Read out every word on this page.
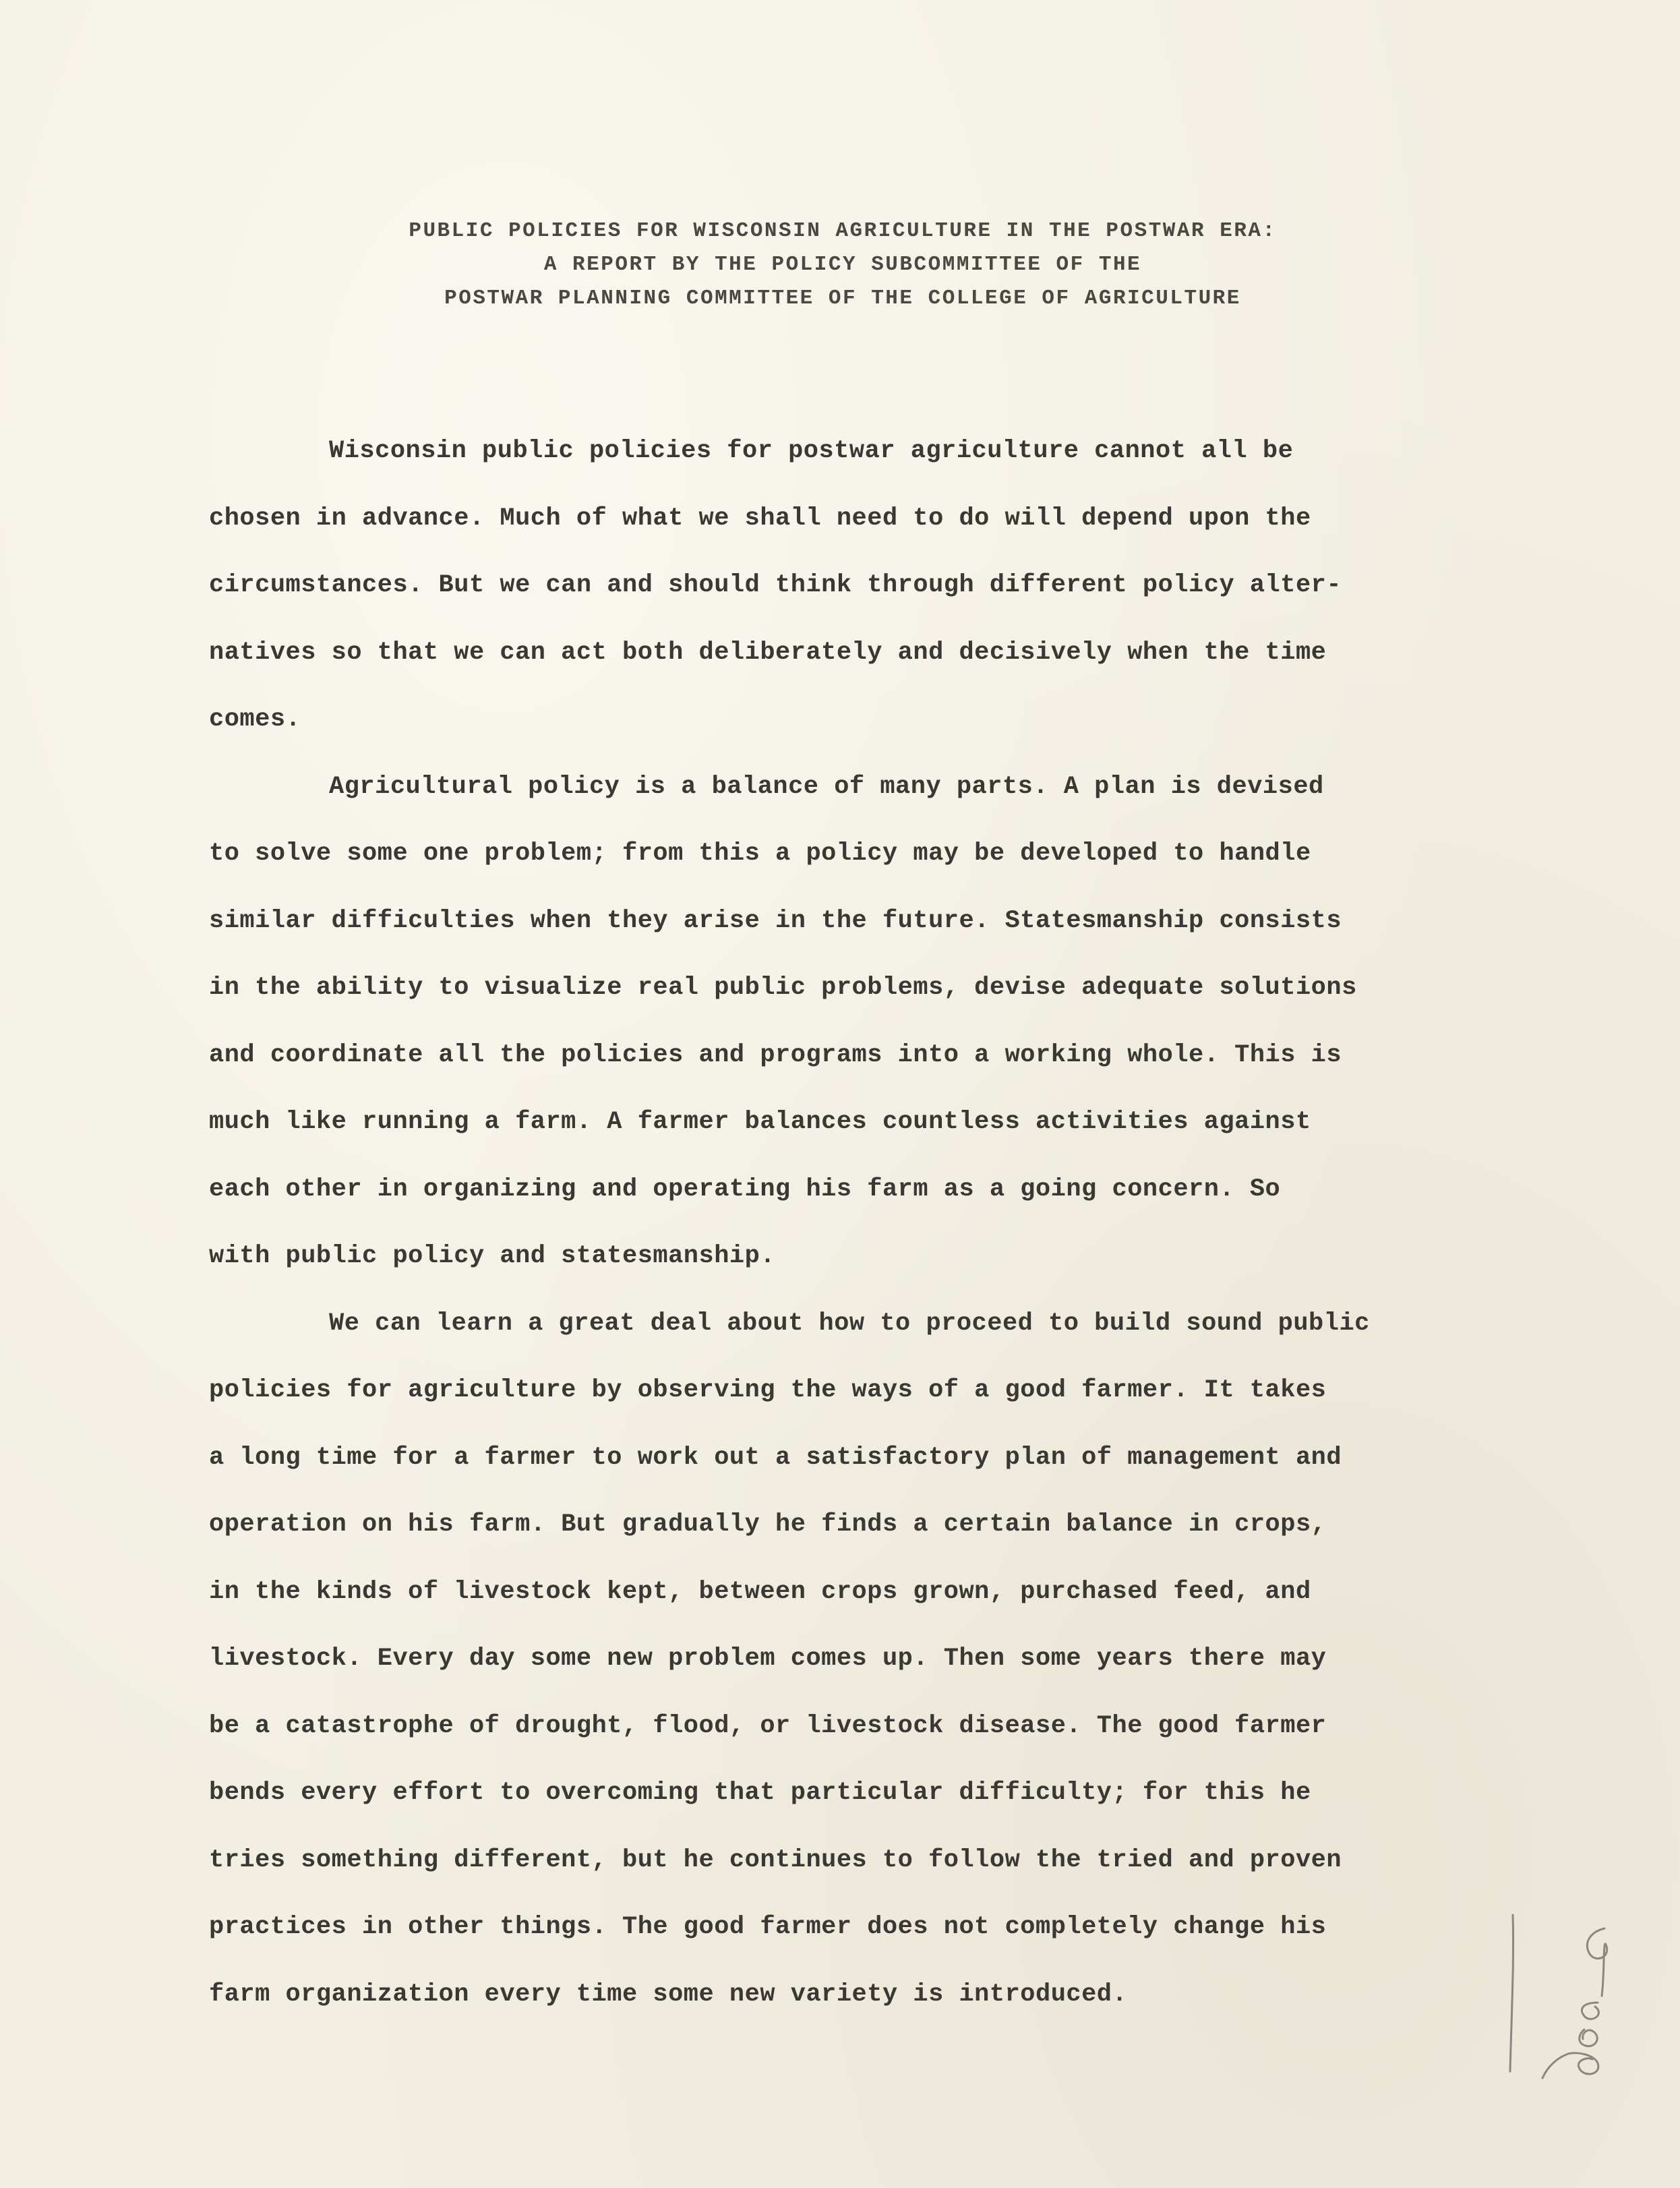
PUBLIC POLICIES FOR WISCONSIN AGRICULTURE IN THE POSTWAR ERA:
A REPORT BY THE POLICY SUBCOMMITTEE OF THE
POSTWAR PLANNING COMMITTEE OF THE COLLEGE OF AGRICULTURE

Wisconsin public policies for postwar agriculture cannot all be
chosen in advance. Much of what we shall need to do will depend upon the
circumstances. But we can and should think through different policy alter-
natives so that we can act both deliberately and decisively when the time
comes.

Agricultural policy is a balance of many parts. A plan is devised
to solve some one problem; from this a policy may be developed to handle
similar difficulties when they arise in the future. Statesmanship consists
in the ability to visualize real public problems, devise adequate solutions
and coordinate all the policies and programs into a working whole. This is
much like running a farm. A farmer balances countless activities against
each other in organizing and operating his farm as a going concern. So
with public policy and statesmanship.

We can learn a great deal about how to proceed to build sound public
policies for agriculture by observing the ways of a good farmer. It takes
a long time for a farmer to work out a satisfactory plan of management and
operation on his farm. But gradually he finds a certain balance in crops,
in the kinds of livestock kept, between crops grown, purchased feed, and
livestock. Every day some new problem comes up. Then some years there may
be a catastrophe of drought, flood, or livestock disease. The good farmer
bends every effort to overcoming that particular difficulty; for this he
tries something different, but he continues to follow the tried and proven
practices in other things. The good farmer does not completely change his
farm organization every time some new variety is introduced.
